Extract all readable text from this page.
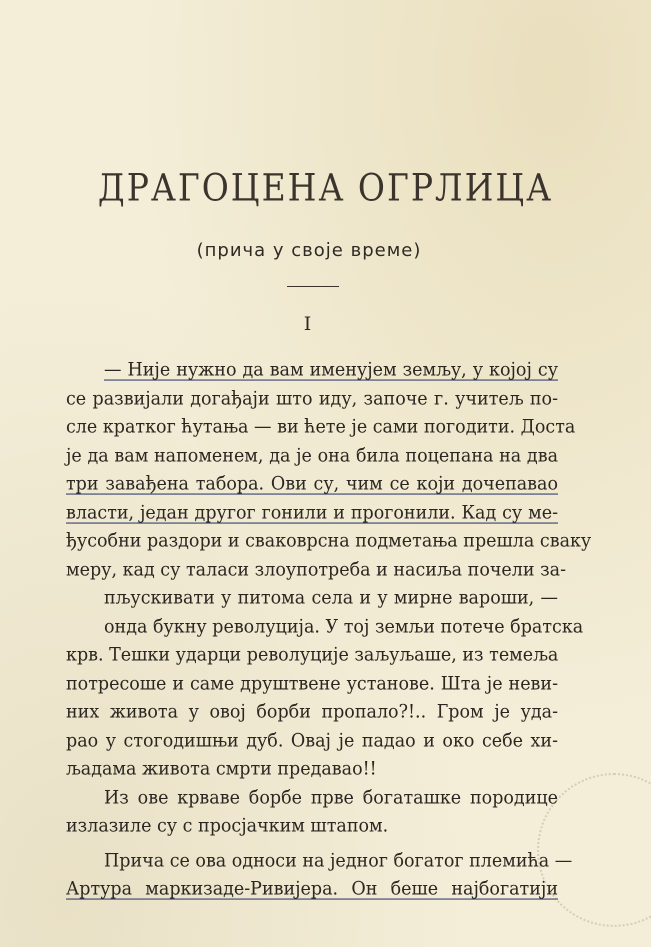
ДРАГОЦЕНА ОГРЛИЦА
(прича у своје време)
I
— Није нужно да вам именујем земљу, у којој су
се развијали догађаји што иду, започе г. учитељ по-
сле кратког ћутања — ви ћете је сами погодити. Доста
је да вам напоменем, да је она била поцепана на два
три завађена табора. Ови су, чим се који дочепавао
власти, један другог гонили и прогонили. Кад су ме-
ђусобни раздори и сваковрсна подметања прешла сваку
меру, кад су таласи злоупотреба и насиља почели за-
пљускивати у питома села и у мирне вароши, —
онда букну револуција. У тој земљи потече братска
крв. Тешки ударци револуције заљуљаше, из темеља
потресоше и саме друштвене установе. Шта је неви-
них живота у овој борби пропало?!.. Гром је уда-
рао у стогодишњи дуб. Овај је падао и око себе хи-
љадама живота смрти предавао!!
Из ове крваве борбе прве богаташке породице
излазиле су с просјачким штапом.
Прича се ова односи на једног богатог племића —
Артура маркизаде-Ривијера. Он беше најбогатији
